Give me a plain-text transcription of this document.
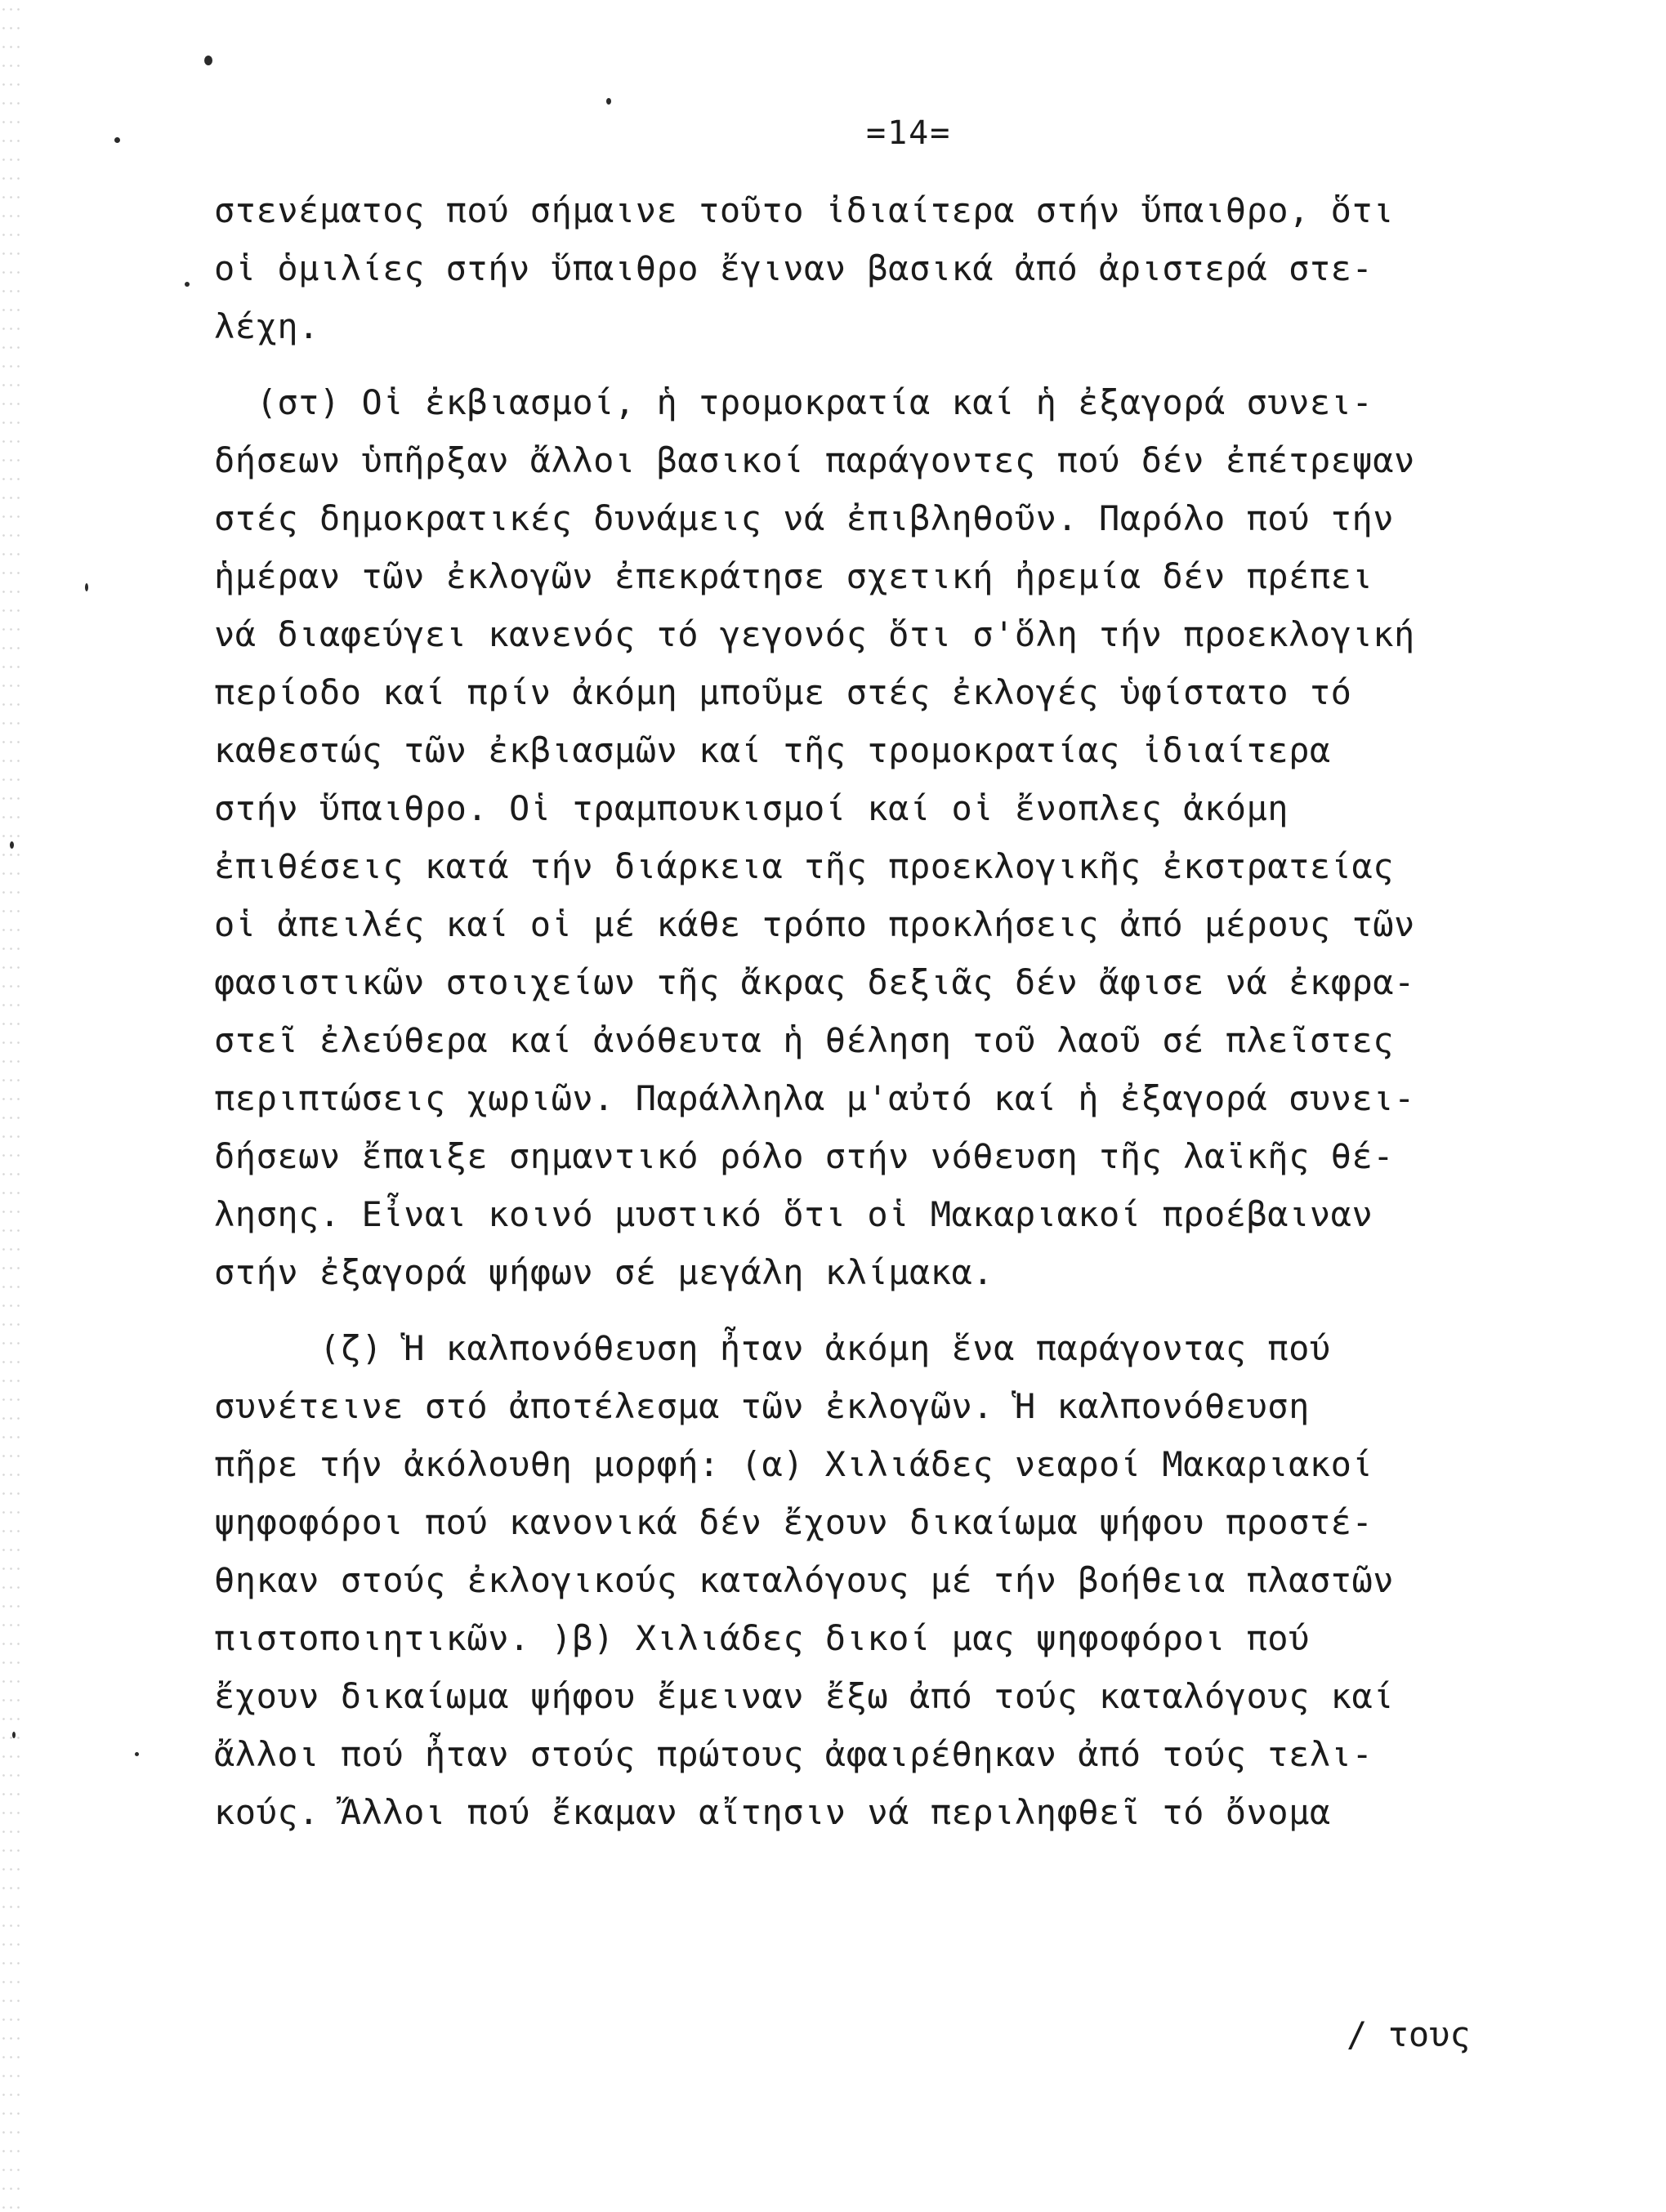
=14=
στενέματος πού σήμαινε τοῦτο ἰδιαίτερα στήν ὕπαιθρο, ὅτι
οἱ ὁμιλίες στήν ὕπαιθρο ἔγιναν βασικά ἀπό ἀριστερά στε-
λέχη.
(στ) Οἱ ἐκβιασμοί, ἡ τρομοκρατία καί ἡ ἐξαγορά συνει-
δήσεων ὑπῆρξαν ἄλλοι βασικοί παράγοντες πού δέν ἐπέτρεψαν
στές δημοκρατικές δυνάμεις νά ἐπιβληθοῦν. Παρόλο πού τήν
ἡμέραν τῶν ἐκλογῶν ἐπεκράτησε σχετική ἠρεμία δέν πρέπει
νά διαφεύγει κανενός τό γεγονός ὅτι σ'ὅλη τήν προεκλογική
περίοδο καί πρίν ἀκόμη μποῦμε στές ἐκλογές ὑφίστατο τό
καθεστώς τῶν ἐκβιασμῶν καί τῆς τρομοκρατίας ἰδιαίτερα
στήν ὕπαιθρο. Οἱ τραμπουκισμοί καί οἱ ἔνοπλες ἀκόμη
ἐπιθέσεις κατά τήν διάρκεια τῆς προεκλογικῆς ἐκστρατείας
οἱ ἀπειλές καί οἱ μέ κάθε τρόπο προκλήσεις ἀπό μέρους τῶν
φασιστικῶν στοιχείων τῆς ἄκρας δεξιᾶς δέν ἄφισε νά ἐκφρα-
στεῖ ἐλεύθερα καί ἀνόθευτα ἡ θέληση τοῦ λαοῦ σέ πλεῖστες
περιπτώσεις χωριῶν. Παράλληλα μ'αὐτό καί ἡ ἐξαγορά συνει-
δήσεων ἔπαιξε σημαντικό ρόλο στήν νόθευση τῆς λαϊκῆς θέ-
λησης. Εἶναι κοινό μυστικό ὅτι οἱ Μακαριακοί προέβαιναν
στήν ἐξαγορά ψήφων σέ μεγάλη κλίμακα.
(ζ) Ἡ καλπονόθευση ἦταν ἀκόμη ἕνα παράγοντας πού
συνέτεινε στό ἀποτέλεσμα τῶν ἐκλογῶν. Ἡ καλπονόθευση
πῆρε τήν ἀκόλουθη μορφή: (α) Χιλιάδες νεαροί Μακαριακοί
ψηφοφόροι πού κανονικά δέν ἔχουν δικαίωμα ψήφου προστέ-
θηκαν στούς ἐκλογικούς καταλόγους μέ τήν βοήθεια πλαστῶν
πιστοποιητικῶν. )β) Χιλιάδες δικοί μας ψηφοφόροι πού
ἔχουν δικαίωμα ψήφου ἔμειναν ἔξω ἀπό τούς καταλόγους καί
ἄλλοι πού ἦταν στούς πρώτους ἀφαιρέθηκαν ἀπό τούς τελι-
κούς. Ἄλλοι πού ἔκαμαν αἴτησιν νά περιληφθεῖ τό ὄνομα
/ τους
